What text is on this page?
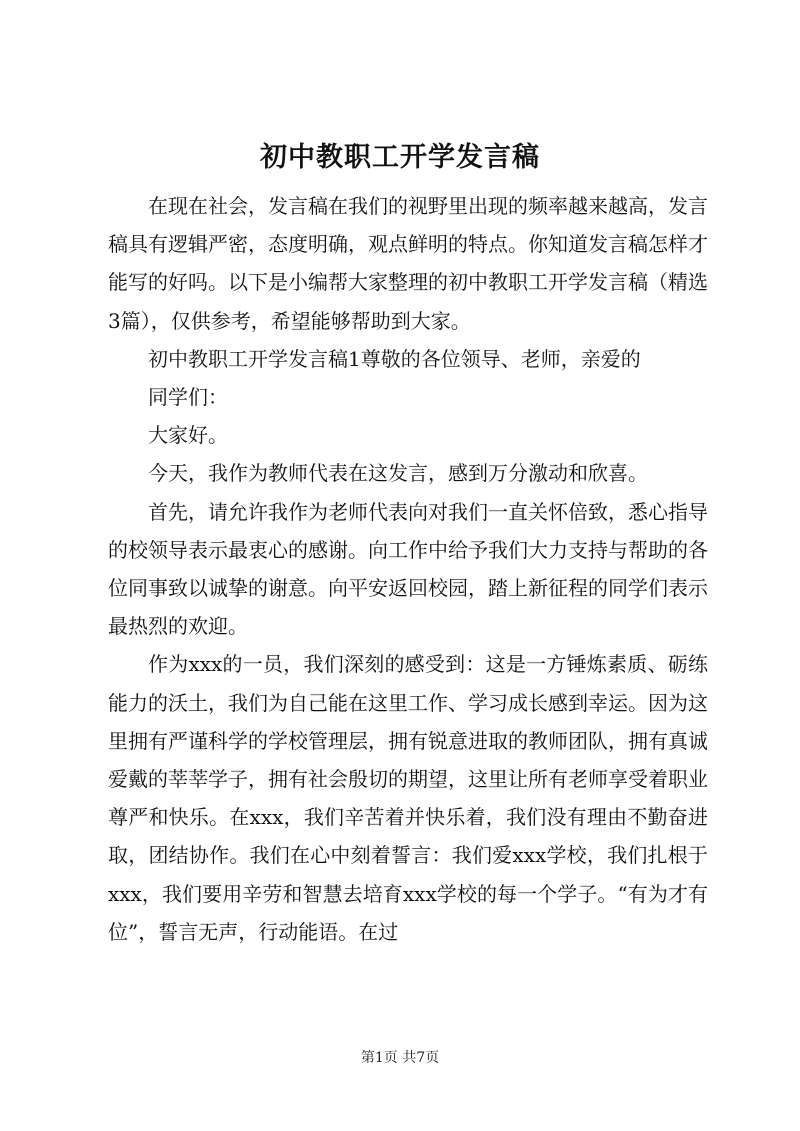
初中教职工开学发言稿

在现在社会，发言稿在我们的视野里出现的频率越来越高，发言稿具有逻辑严密，态度明确，观点鲜明的特点。你知道发言稿怎样才能写的好吗。以下是小编帮大家整理的初中教职工开学发言稿（精选3篇），仅供参考，希望能够帮助到大家。

初中教职工开学发言稿1尊敬的各位领导、老师，亲爱的

同学们：

大家好。

今天，我作为教师代表在这发言，感到万分激动和欣喜。

首先，请允许我作为老师代表向对我们一直关怀倍致，悉心指导的校领导表示最衷心的感谢。向工作中给予我们大力支持与帮助的各位同事致以诚挚的谢意。向平安返回校园，踏上新征程的同学们表示最热烈的欢迎。

作为xxx的一员，我们深刻的感受到：这是一方锤炼素质、砺练能力的沃土，我们为自己能在这里工作、学习成长感到幸运。因为这里拥有严谨科学的学校管理层，拥有锐意进取的教师团队，拥有真诚爱戴的莘莘学子，拥有社会殷切的期望，这里让所有老师享受着职业尊严和快乐。在xxx，我们辛苦着并快乐着，我们没有理由不勤奋进取，团结协作。我们在心中刻着誓言：我们爱xxx学校，我们扎根于xxx，我们要用辛劳和智慧去培育xxx学校的每一个学子。“有为才有位”，誓言无声，行动能语。在过

第1页 共7页
